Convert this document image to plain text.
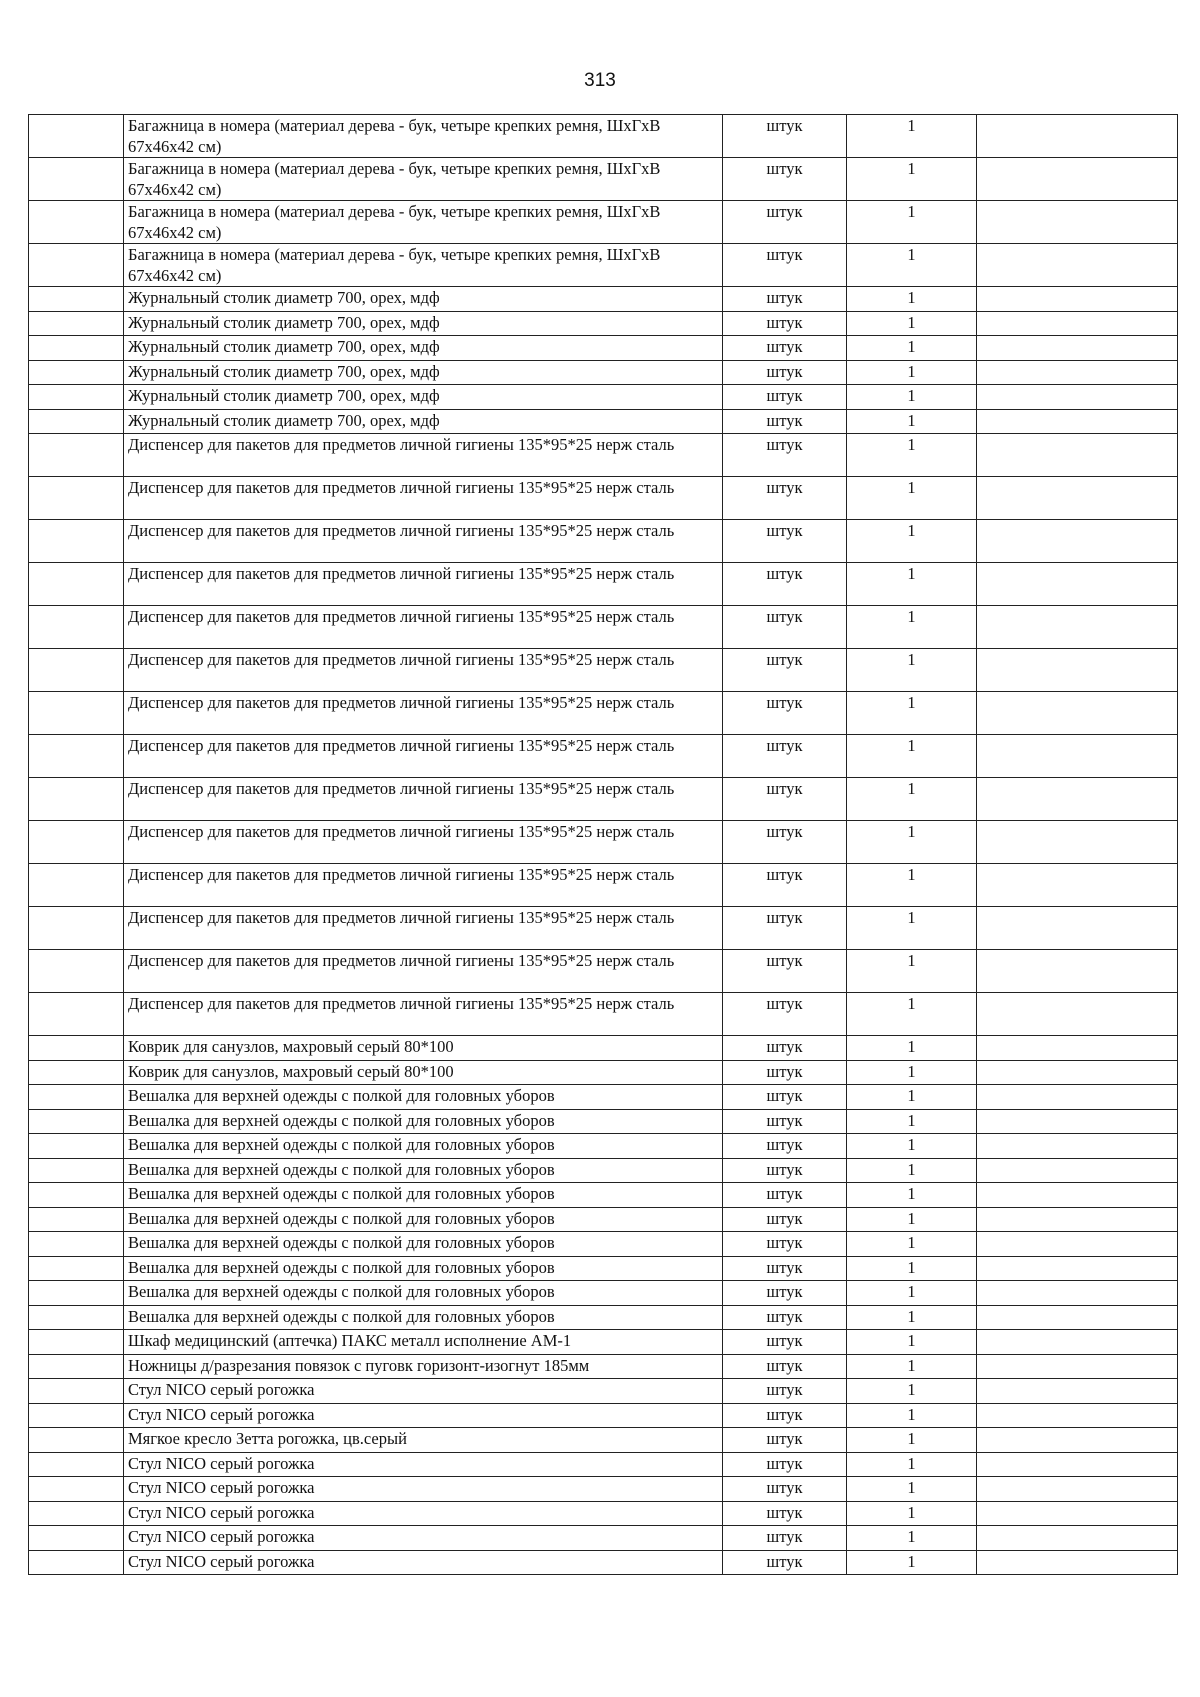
313
	Багажница в номера (материал дерева - бук, четыре крепких ремня, ШхГхВ 67х46х42 см)	штук	1	
	Багажница в номера (материал дерева - бук, четыре крепких ремня, ШхГхВ 67х46х42 см)	штук	1	
	Багажница в номера (материал дерева - бук, четыре крепких ремня, ШхГхВ 67х46х42 см)	штук	1	
	Багажница в номера (материал дерева - бук, четыре крепких ремня, ШхГхВ 67х46х42 см)	штук	1	
	Журнальный столик диаметр 700, орех, мдф	штук	1	
	Журнальный столик диаметр 700, орех, мдф	штук	1	
	Журнальный столик диаметр 700, орех, мдф	штук	1	
	Журнальный столик диаметр 700, орех, мдф	штук	1	
	Журнальный столик диаметр 700, орех, мдф	штук	1	
	Журнальный столик диаметр 700, орех, мдф	штук	1	
	Диспенсер для пакетов для предметов личной гигиены 135*95*25 нерж сталь	штук	1	
	Диспенсер для пакетов для предметов личной гигиены 135*95*25 нерж сталь	штук	1	
	Диспенсер для пакетов для предметов личной гигиены 135*95*25 нерж сталь	штук	1	
	Диспенсер для пакетов для предметов личной гигиены 135*95*25 нерж сталь	штук	1	
	Диспенсер для пакетов для предметов личной гигиены 135*95*25 нерж сталь	штук	1	
	Диспенсер для пакетов для предметов личной гигиены 135*95*25 нерж сталь	штук	1	
	Диспенсер для пакетов для предметов личной гигиены 135*95*25 нерж сталь	штук	1	
	Диспенсер для пакетов для предметов личной гигиены 135*95*25 нерж сталь	штук	1	
	Диспенсер для пакетов для предметов личной гигиены 135*95*25 нерж сталь	штук	1	
	Диспенсер для пакетов для предметов личной гигиены 135*95*25 нерж сталь	штук	1	
	Диспенсер для пакетов для предметов личной гигиены 135*95*25 нерж сталь	штук	1	
	Диспенсер для пакетов для предметов личной гигиены 135*95*25 нерж сталь	штук	1	
	Диспенсер для пакетов для предметов личной гигиены 135*95*25 нерж сталь	штук	1	
	Диспенсер для пакетов для предметов личной гигиены 135*95*25 нерж сталь	штук	1	
	Коврик для санузлов, махровый серый 80*100	штук	1	
	Коврик для санузлов, махровый серый 80*100	штук	1	
	Вешалка для верхней одежды с полкой для головных уборов	штук	1	
	Вешалка для верхней одежды с полкой для головных уборов	штук	1	
	Вешалка для верхней одежды с полкой для головных уборов	штук	1	
	Вешалка для верхней одежды с полкой для головных уборов	штук	1	
	Вешалка для верхней одежды с полкой для головных уборов	штук	1	
	Вешалка для верхней одежды с полкой для головных уборов	штук	1	
	Вешалка для верхней одежды с полкой для головных уборов	штук	1	
	Вешалка для верхней одежды с полкой для головных уборов	штук	1	
	Вешалка для верхней одежды с полкой для головных уборов	штук	1	
	Вешалка для верхней одежды с полкой для головных уборов	штук	1	
	Шкаф медицинский (аптечка) ПАКС металл исполнение АМ-1	штук	1	
	Ножницы д/разрезания повязок с пуговк горизонт-изогнут 185мм	штук	1	
	Стул NICO серый рогожка	штук	1	
	Стул NICO серый рогожка	штук	1	
	Мягкое кресло Зетта рогожка, цв.серый	штук	1	
	Стул NICO серый рогожка	штук	1	
	Стул NICO серый рогожка	штук	1	
	Стул NICO серый рогожка	штук	1	
	Стул NICO серый рогожка	штук	1	
	Стул NICO серый рогожка	штук	1	
